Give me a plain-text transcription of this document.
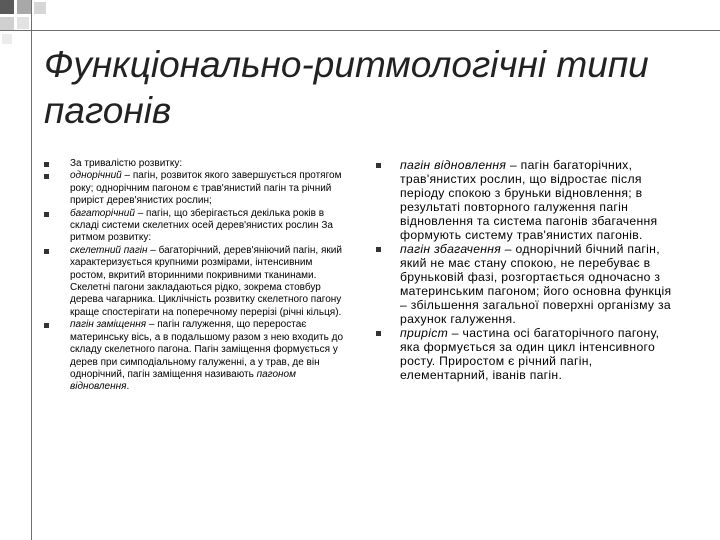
Функціонально-ритмологічні типи пагонів
За тривалістю розвитку:
однорічний – пагін, розвиток якого завершується протягом року; однорічним пагоном є трав'янистий пагін та річний приріст дерев'янистих рослин;
багаторічний – пагін, що зберігається декілька років в складі системи скелетних осей дерев'янистих рослин За ритмом розвитку:
скелетний пагін – багаторічний, дерев'яніючий пагін, який характеризується крупними розмірами, інтенсивним ростом, вкритий вторинними покривними тканинами. Скелетні пагони закладаються рідко, зокрема стовбур дерева чагарника. Циклічність розвитку скелетного пагону краще спостерігати на поперечному перерізі (річні кільця).
пагін заміщення – пагін галуження, що переростає материнську вісь, а в подальшому разом з нею входить до складу скелетного пагона. Пагін заміщення формується у дерев при симподіальному галуженні, а у трав, де він однорічний, пагін заміщення називають пагоном відновлення.
пагін відновлення – пагін багаторічних, трав'янистих рослин, що відростає після періоду спокою з бруньки відновлення; в результаті повторного галуження пагін відновлення та система пагонів збагачення формують систему трав'янистих пагонів.
пагін збагачення – однорічний бічний пагін, який не має стану спокою, не перебуває в бруньковій фазі, розгортається одночасно з материнським пагоном; його основна функція – збільшення загальної поверхні організму за рахунок галуження.
приріст – частина осі багаторічного пагону, яка формується за один цикл інтенсивного росту. Приростом є річний пагін, елементарний, іванів пагін.
